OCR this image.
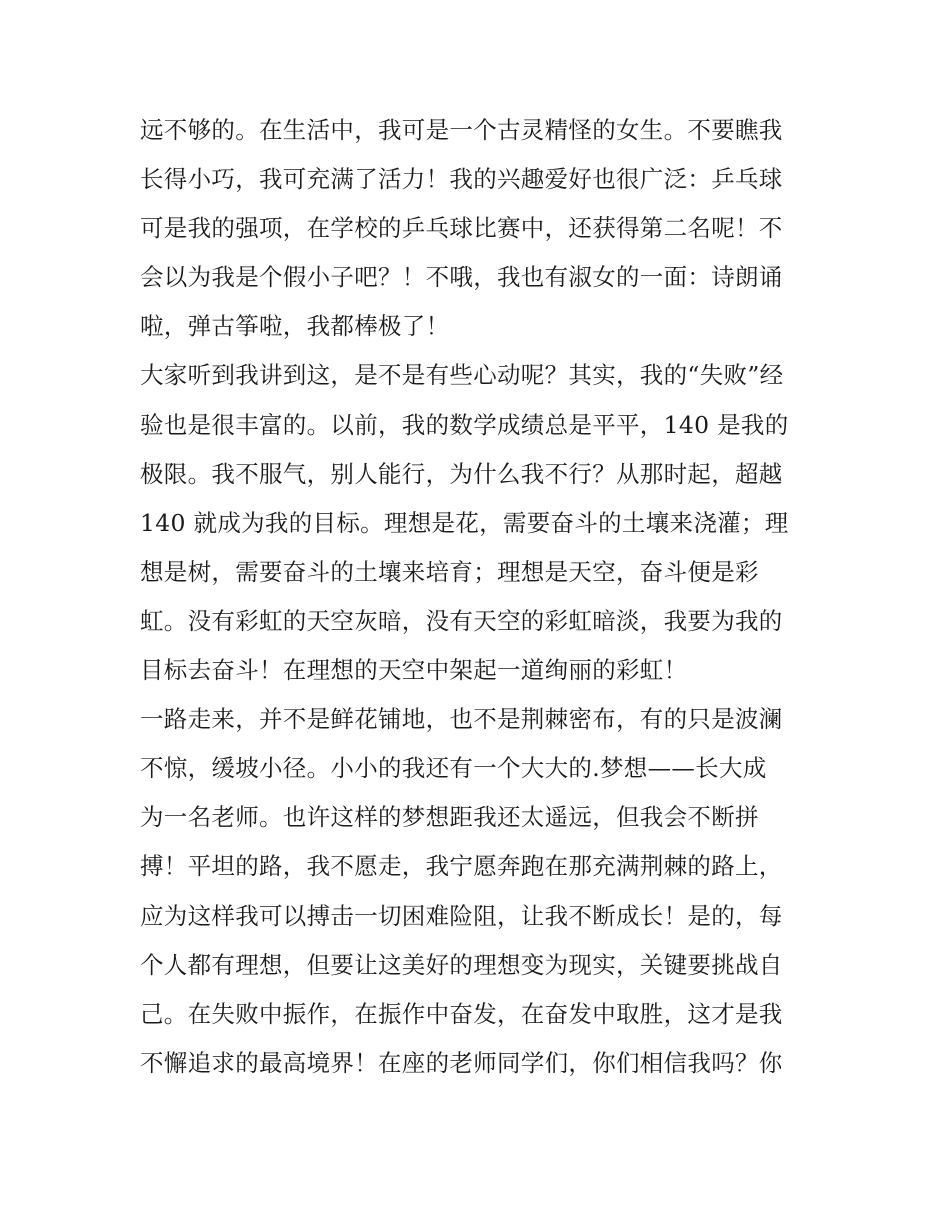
远不够的。在生活中，我可是一个古灵精怪的女生。不要瞧我
长得小巧，我可充满了活力！我的兴趣爱好也很广泛：乒乓球
可是我的强项，在学校的乒乓球比赛中，还获得第二名呢！不
会以为我是个假小子吧？！不哦，我也有淑女的一面：诗朗诵
啦，弹古筝啦，我都棒极了！
大家听到我讲到这，是不是有些心动呢？其实，我的“失败”经
验也是很丰富的。以前，我的数学成绩总是平平，140 是我的
极限。我不服气，别人能行，为什么我不行？从那时起，超越
140 就成为我的目标。理想是花，需要奋斗的土壤来浇灌；理
想是树，需要奋斗的土壤来培育；理想是天空，奋斗便是彩
虹。没有彩虹的天空灰暗，没有天空的彩虹暗淡，我要为我的
目标去奋斗！在理想的天空中架起一道绚丽的彩虹！
一路走来，并不是鲜花铺地，也不是荆棘密布，有的只是波澜
不惊，缓坡小径。小小的我还有一个大大的.梦想——长大成
为一名老师。也许这样的梦想距我还太遥远，但我会不断拼
搏！平坦的路，我不愿走，我宁愿奔跑在那充满荆棘的路上，
应为这样我可以搏击一切困难险阻，让我不断成长！是的，每
个人都有理想，但要让这美好的理想变为现实，关键要挑战自
己。在失败中振作，在振作中奋发，在奋发中取胜，这才是我
不懈追求的最高境界！在座的老师同学们，你们相信我吗？你
